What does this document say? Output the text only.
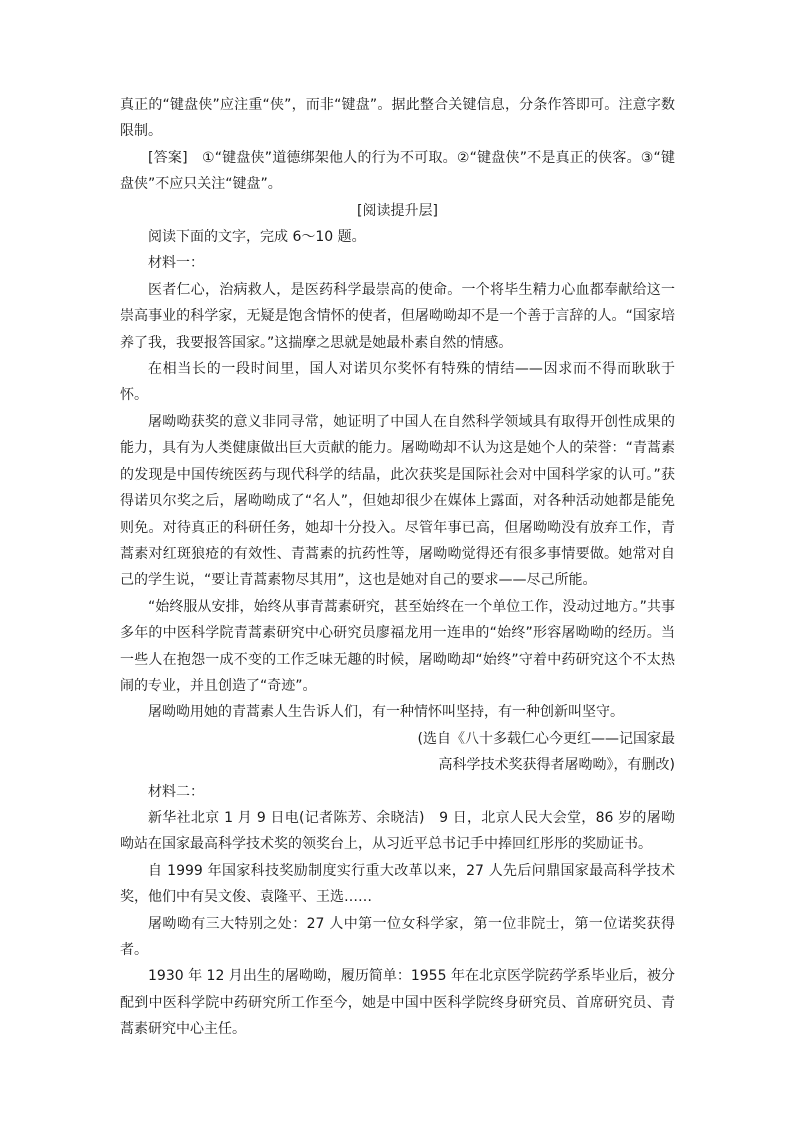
真正的“键盘侠”应注重“侠”，而非“键盘”。据此整合关键信息，分条作答即可。注意字数限制。

[答案]　①“键盘侠”道德绑架他人的行为不可取。②“键盘侠”不是真正的侠客。③“键盘侠”不应只关注“键盘”。

[阅读提升层]

阅读下面的文字，完成 6～10 题。

材料一：

医者仁心，治病救人，是医药科学最崇高的使命。一个将毕生精力心血都奉献给这一崇高事业的科学家，无疑是饱含情怀的使者，但屠呦呦却不是一个善于言辞的人。“国家培养了我，我要报答国家。”这揣摩之思就是她最朴素自然的情感。

在相当长的一段时间里，国人对诺贝尔奖怀有特殊的情结——因求而不得而耿耿于怀。

屠呦呦获奖的意义非同寻常，她证明了中国人在自然科学领域具有取得开创性成果的能力，具有为人类健康做出巨大贡献的能力。屠呦呦却不认为这是她个人的荣誉：“青蒿素的发现是中国传统医药与现代科学的结晶，此次获奖是国际社会对中国科学家的认可。”获得诺贝尔奖之后，屠呦呦成了“名人”，但她却很少在媒体上露面，对各种活动她都是能免则免。对待真正的科研任务，她却十分投入。尽管年事已高，但屠呦呦没有放弃工作，青蒿素对红斑狼疮的有效性、青蒿素的抗药性等，屠呦呦觉得还有很多事情要做。她常对自己的学生说，“要让青蒿素物尽其用”，这也是她对自己的要求——尽己所能。

“始终服从安排，始终从事青蒿素研究，甚至始终在一个单位工作，没动过地方。”共事多年的中医科学院青蒿素研究中心研究员廖福龙用一连串的“始终”形容屠呦呦的经历。当一些人在抱怨一成不变的工作乏味无趣的时候，屠呦呦却“始终”守着中药研究这个不太热闹的专业，并且创造了“奇迹”。

屠呦呦用她的青蒿素人生告诉人们，有一种情怀叫坚持，有一种创新叫坚守。

(选自《八十多载仁心今更红——记国家最

高科学技术奖获得者屠呦呦》，有删改)

材料二：

新华社北京 1 月 9 日电(记者陈芳、余晓洁)　9 日，北京人民大会堂，86 岁的屠呦呦站在国家最高科学技术奖的领奖台上，从习近平总书记手中捧回红彤彤的奖励证书。

自 1999 年国家科技奖励制度实行重大改革以来，27 人先后问鼎国家最高科学技术奖，他们中有吴文俊、袁隆平、王选……

屠呦呦有三大特别之处：27 人中第一位女科学家，第一位非院士，第一位诺奖获得者。

1930 年 12 月出生的屠呦呦，履历简单：1955 年在北京医学院药学系毕业后，被分配到中医科学院中药研究所工作至今，她是中国中医科学院终身研究员、首席研究员、青蒿素研究中心主任。
